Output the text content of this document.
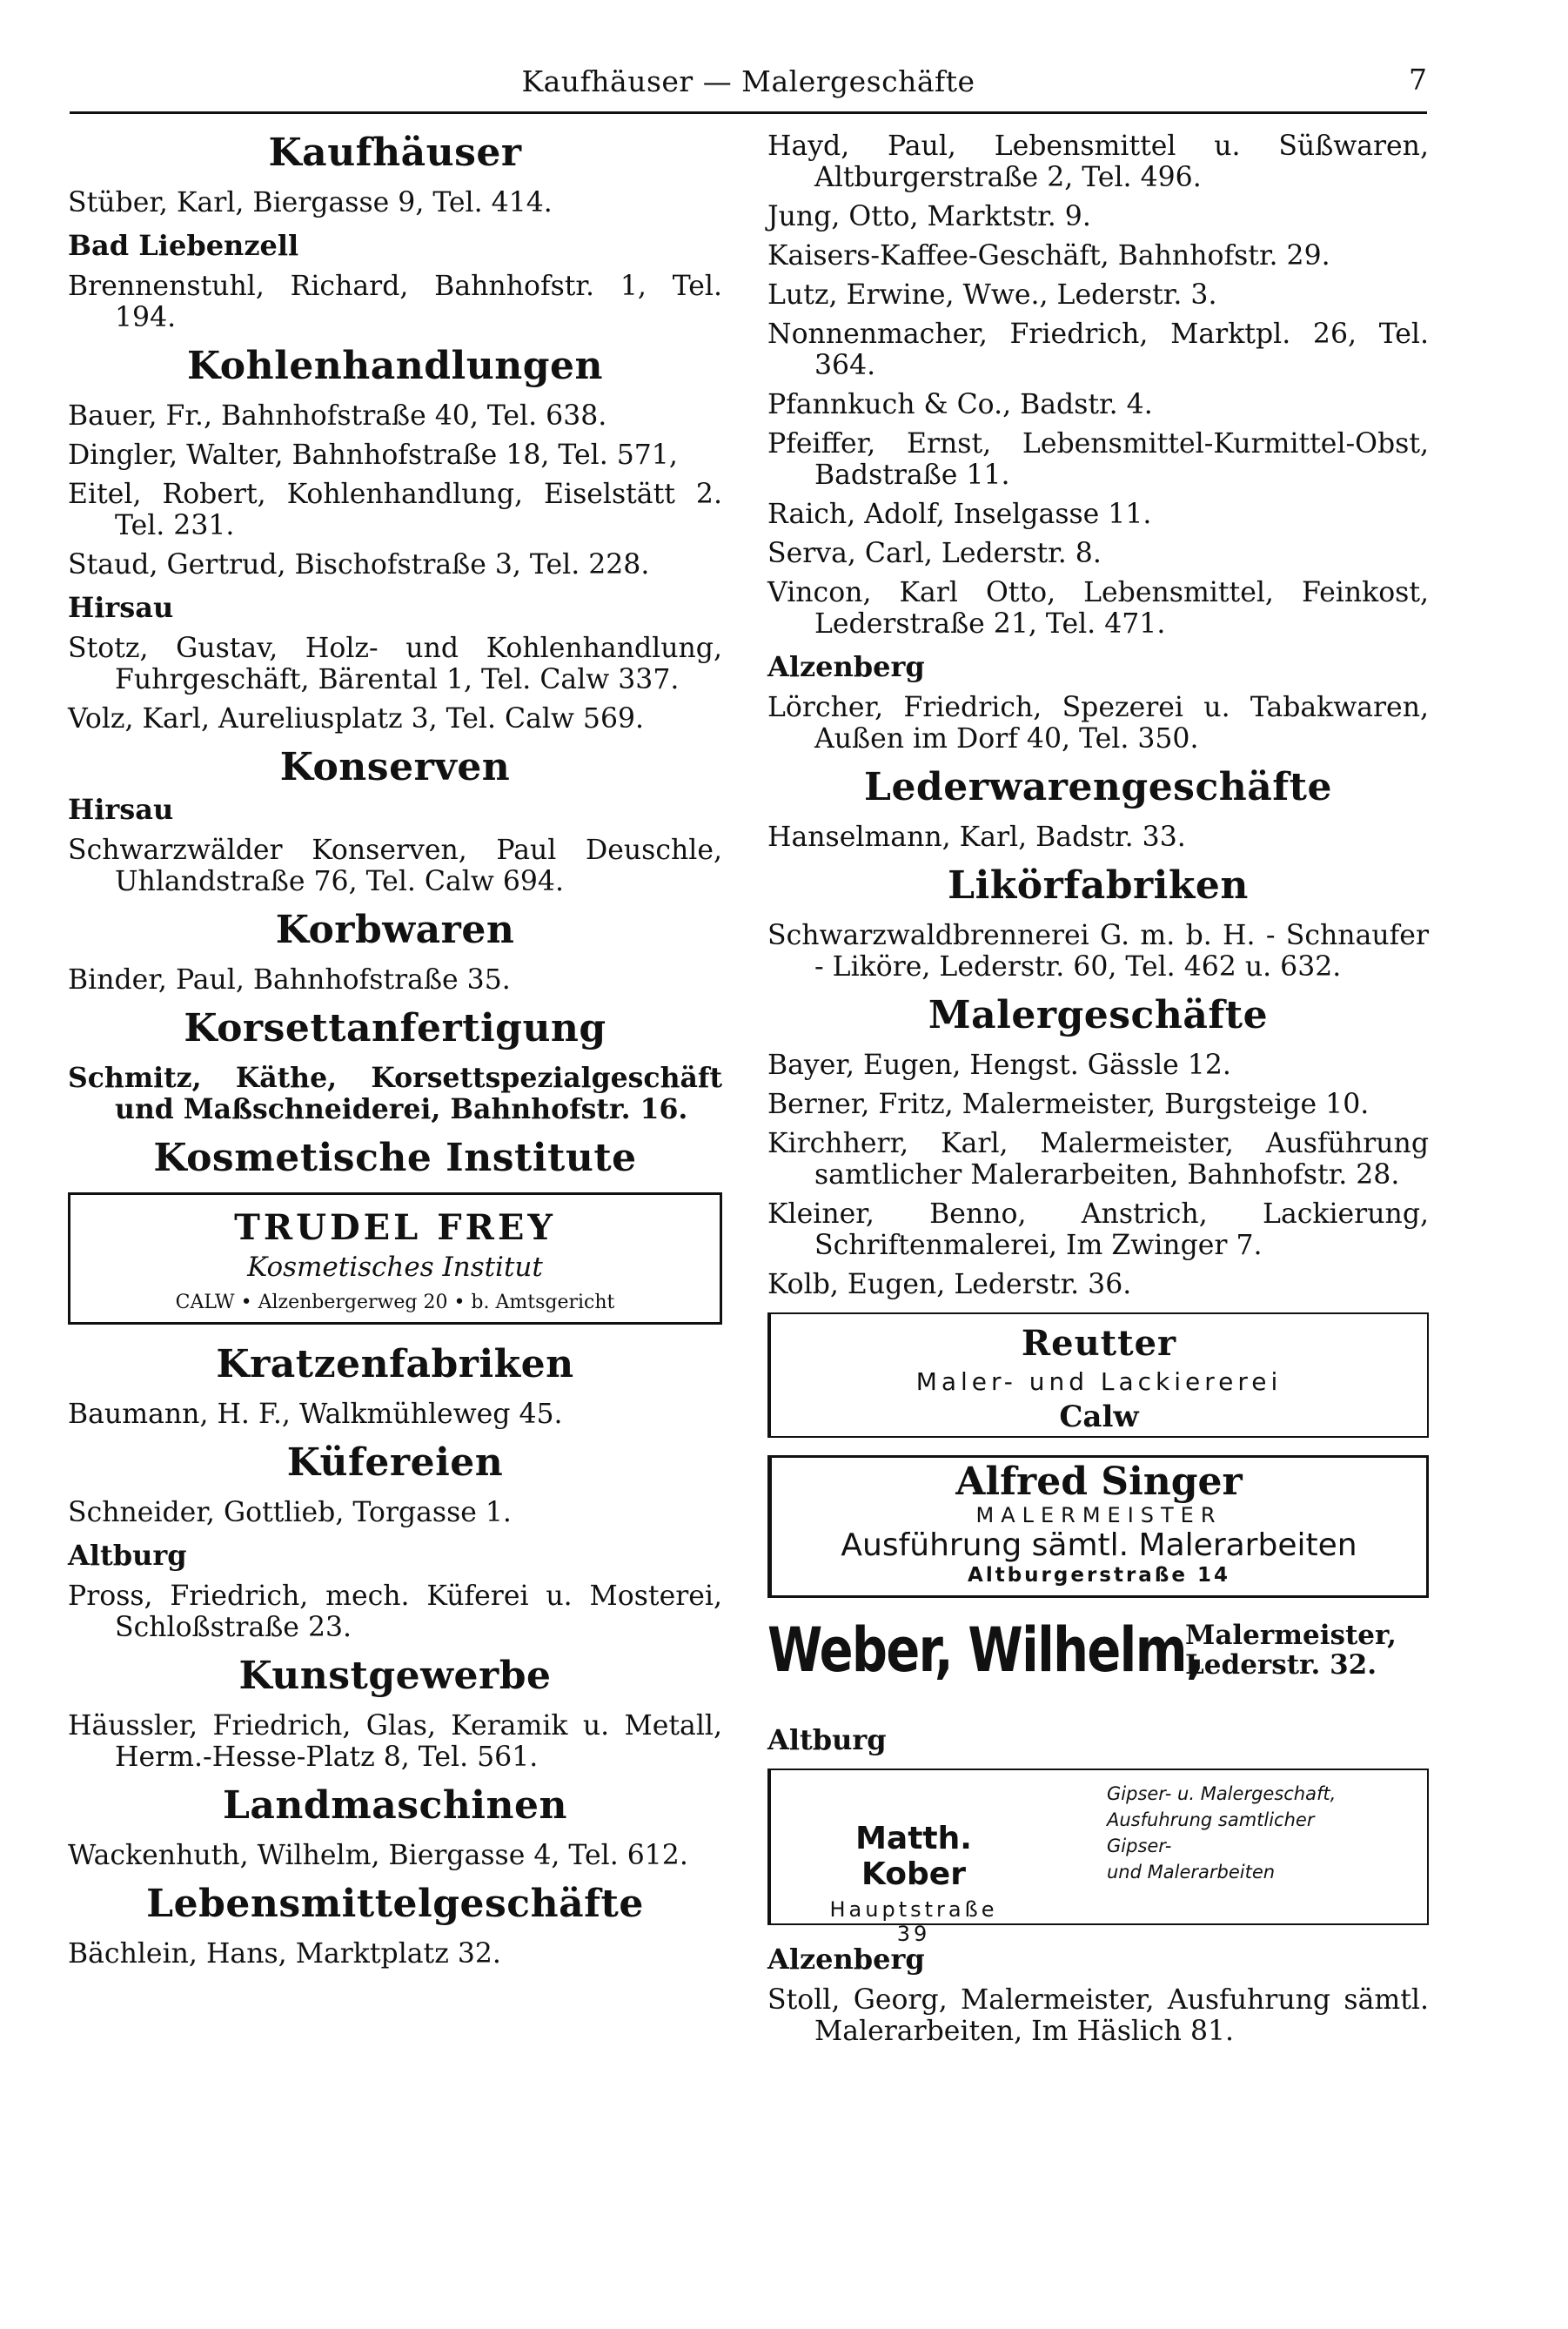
Kaufhäuser — Malergeschäfte	7
Kaufhäuser
Stüber, Karl, Biergasse 9, Tel. 414.
Bad Liebenzell
Brennenstuhl, Richard, Bahnhofstr. 1, Tel. 194.
Kohlenhandlungen
Bauer, Fr., Bahnhofstraße 40, Tel. 638.
Dingler, Walter, Bahnhofstraße 18, Tel. 571,
Eitel, Robert, Kohlenhandlung, Eiselstätt 2. Tel. 231.
Staud, Gertrud, Bischofstraße 3, Tel. 228.
Hirsau
Stotz, Gustav, Holz- und Kohlenhandlung, Fuhrgeschäft, Bärental 1, Tel. Calw 337.
Volz, Karl, Aureliusplatz 3, Tel. Calw 569.
Konserven
Hirsau
Schwarzwälder Konserven, Paul Deuschle, Uhlandstraße 76, Tel. Calw 694.
Korbwaren
Binder, Paul, Bahnhofstraße 35.
Korsettanfertigung
Schmitz, Käthe, Korsettspezialgeschäft und Maßschneiderei, Bahnhofstr. 16.
Kosmetische Institute
TRUDEL FREY
Kosmetisches Institut
CALW • Alzenbergerweg 20 • b. Amtsgericht
Kratzenfabriken
Baumann, H. F., Walkmühleweg 45.
Küfereien
Schneider, Gottlieb, Torgasse 1.
Altburg
Pross, Friedrich, mech. Küferei u. Mosterei, Schloßstraße 23.
Kunstgewerbe
Häussler, Friedrich, Glas, Keramik u. Metall, Herm.-Hesse-Platz 8, Tel. 561.
Landmaschinen
Wackenhuth, Wilhelm, Biergasse 4, Tel. 612.
Lebensmittelgeschäfte
Bächlein, Hans, Marktplatz 32.
Hayd, Paul, Lebensmittel u. Süßwaren, Altburgerstraße 2, Tel. 496.
Jung, Otto, Marktstr. 9.
Kaisers-Kaffee-Geschäft, Bahnhofstr. 29.
Lutz, Erwine, Wwe., Lederstr. 3.
Nonnenmacher, Friedrich, Marktpl. 26, Tel. 364.
Pfannkuch & Co., Badstr. 4.
Pfeiffer, Ernst, Lebensmittel-Kurmittel-Obst, Badstraße 11.
Raich, Adolf, Inselgasse 11.
Serva, Carl, Lederstr. 8.
Vincon, Karl Otto, Lebensmittel, Feinkost, Lederstraße 21, Tel. 471.
Alzenberg
Lörcher, Friedrich, Spezerei u. Tabakwaren, Außen im Dorf 40, Tel. 350.
Lederwarengeschäfte
Hanselmann, Karl, Badstr. 33.
Likörfabriken
Schwarzwaldbrennerei G. m. b. H. - Schnaufer - Liköre, Lederstr. 60, Tel. 462 u. 632.
Malergeschäfte
Bayer, Eugen, Hengst. Gässle 12.
Berner, Fritz, Malermeister, Burgsteige 10.
Kirchherr, Karl, Malermeister, Ausführung samtlicher Malerarbeiten, Bahnhofstr. 28.
Kleiner, Benno, Anstrich, Lackierung, Schriftenmalerei, Im Zwinger 7.
Kolb, Eugen, Lederstr. 36.
Reutter
Maler- und Lackiererei
Calw
Alfred Singer
MALERMEISTER
Ausführung sämtl. Malerarbeiten
Altburgerstraße 14
Weber, Wilhelm,
Malermeister,
Lederstr. 32.
Altburg
Matth. Kober
Hauptstraße 39
Gipser- u. Malergeschaft,
Ausfuhrung samtlicher
Gipser-
und Malerarbeiten
Alzenberg
Stoll, Georg, Malermeister, Ausfuhrung sämtl. Malerarbeiten, Im Häslich 81.
